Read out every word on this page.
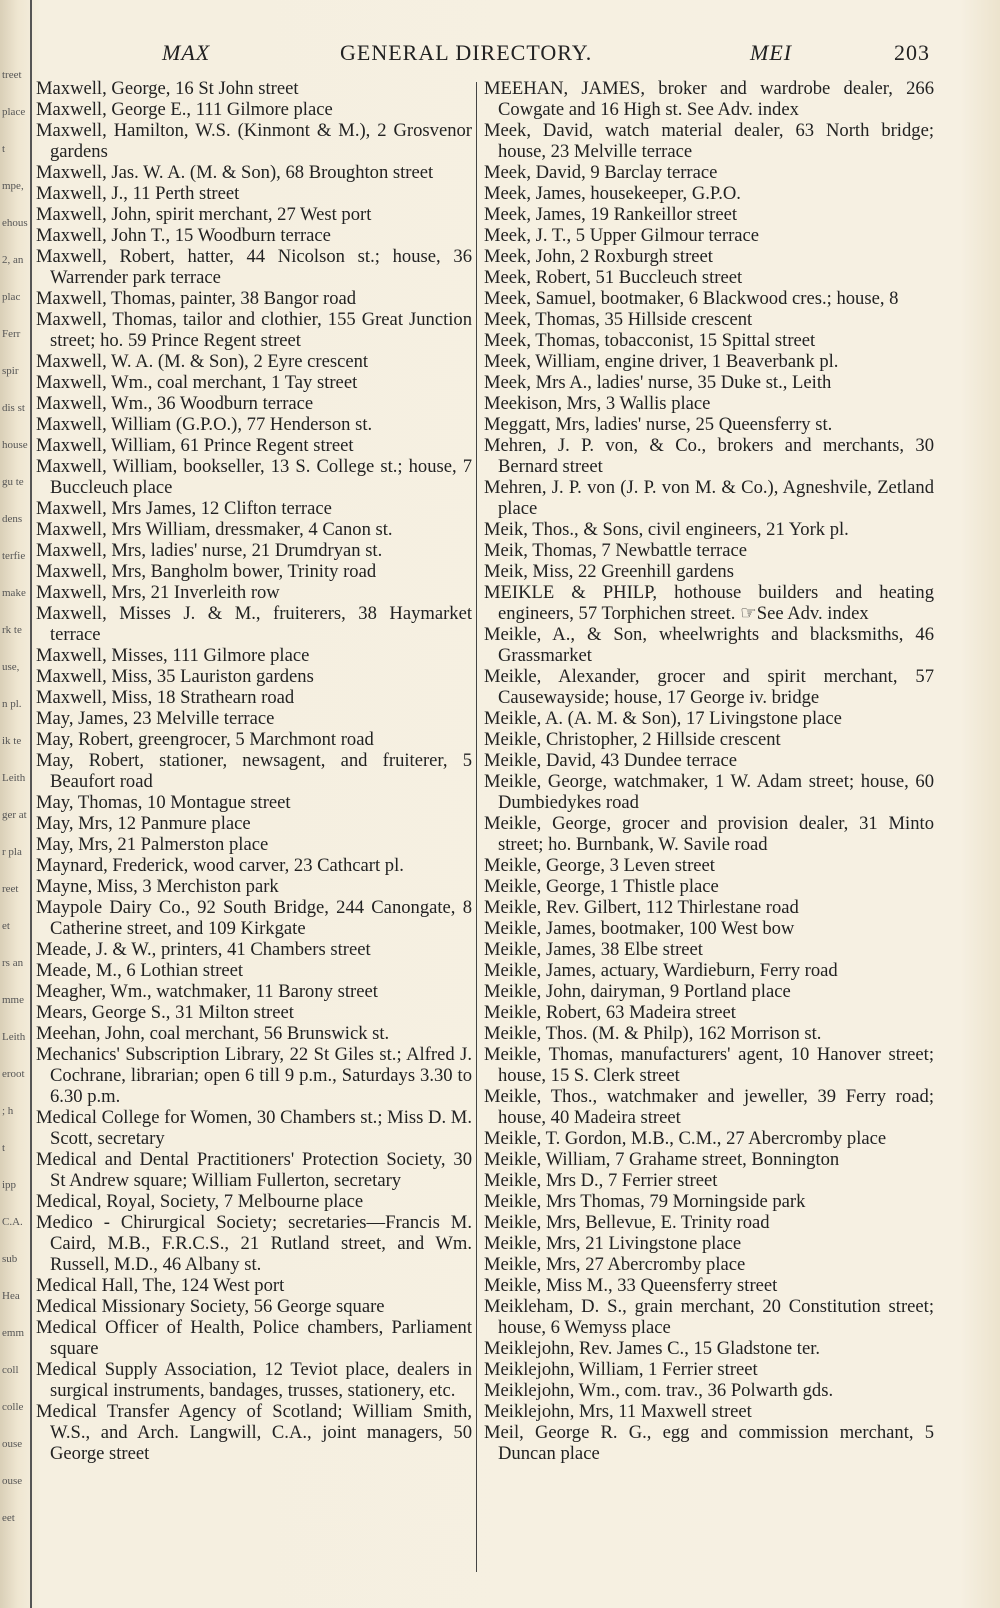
treet
place
t
mpe,
ehous
2, an
plac
Ferr
spir
dis st
house
gu te
dens
terfie
make
rk te
use,
n pl.
ik te
Leith
ger at
r pla
reet
et
rs an
mme
Leith
eroot
; h
t
ipp
C.A.
sub
Hea
emm
coll
colle
ouse
ouse
eet
MAX	GENERAL DIRECTORY.	MEI	203

Maxwell, George, 16 St John street

Maxwell, George E., 111 Gilmore place

Maxwell, Hamilton, W.S. (Kinmont & M.), 2 Grosvenor gardens

Maxwell, Jas. W. A. (M. & Son), 68 Broughton street

Maxwell, J., 11 Perth street

Maxwell, John, spirit merchant, 27 West port

Maxwell, John T., 15 Woodburn terrace

Maxwell, Robert, hatter, 44 Nicolson st.; house, 36 Warrender park terrace

Maxwell, Thomas, painter, 38 Bangor road

Maxwell, Thomas, tailor and clothier, 155 Great Junction street; ho. 59 Prince Regent street

Maxwell, W. A. (M. & Son), 2 Eyre crescent

Maxwell, Wm., coal merchant, 1 Tay street

Maxwell, Wm., 36 Woodburn terrace

Maxwell, William (G.P.O.), 77 Henderson st.

Maxwell, William, 61 Prince Regent street

Maxwell, William, bookseller, 13 S. College st.; house, 7 Buccleuch place

Maxwell, Mrs James, 12 Clifton terrace

Maxwell, Mrs William, dressmaker, 4 Canon st.

Maxwell, Mrs, ladies' nurse, 21 Drumdryan st.

Maxwell, Mrs, Bangholm bower, Trinity road

Maxwell, Mrs, 21 Inverleith row

Maxwell, Misses J. & M., fruiterers, 38 Haymarket terrace

Maxwell, Misses, 111 Gilmore place

Maxwell, Miss, 35 Lauriston gardens

Maxwell, Miss, 18 Strathearn road

May, James, 23 Melville terrace

May, Robert, greengrocer, 5 Marchmont road

May, Robert, stationer, newsagent, and fruiterer, 5 Beaufort road

May, Thomas, 10 Montague street

May, Mrs, 12 Panmure place

May, Mrs, 21 Palmerston place

Maynard, Frederick, wood carver, 23 Cathcart pl.

Mayne, Miss, 3 Merchiston park

Maypole Dairy Co., 92 South Bridge, 244 Canongate, 8 Catherine street, and 109 Kirkgate

Meade, J. & W., printers, 41 Chambers street

Meade, M., 6 Lothian street

Meagher, Wm., watchmaker, 11 Barony street

Mears, George S., 31 Milton street

Meehan, John, coal merchant, 56 Brunswick st.

Mechanics' Subscription Library, 22 St Giles st.; Alfred J. Cochrane, librarian; open 6 till 9 p.m., Saturdays 3.30 to 6.30 p.m.

Medical College for Women, 30 Chambers st.; Miss D. M. Scott, secretary

Medical and Dental Practitioners' Protection Society, 30 St Andrew square; William Fullerton, secretary

Medical, Royal, Society, 7 Melbourne place

Medico - Chirurgical Society; secretaries—Francis M. Caird, M.B., F.R.C.S., 21 Rutland street, and Wm. Russell, M.D., 46 Albany st.

Medical Hall, The, 124 West port

Medical Missionary Society, 56 George square

Medical Officer of Health, Police chambers, Parliament square

Medical Supply Association, 12 Teviot place, dealers in surgical instruments, bandages, trusses, stationery, etc.

Medical Transfer Agency of Scotland; William Smith, W.S., and Arch. Langwill, C.A., joint managers, 50 George street

MEEHAN, JAMES, broker and wardrobe dealer, 266 Cowgate and 16 High st. See Adv. index

Meek, David, watch material dealer, 63 North bridge; house, 23 Melville terrace

Meek, David, 9 Barclay terrace

Meek, James, housekeeper, G.P.O.

Meek, James, 19 Rankeillor street

Meek, J. T., 5 Upper Gilmour terrace

Meek, John, 2 Roxburgh street

Meek, Robert, 51 Buccleuch street

Meek, Samuel, bootmaker, 6 Blackwood cres.; house, 8

Meek, Thomas, 35 Hillside crescent

Meek, Thomas, tobacconist, 15 Spittal street

Meek, William, engine driver, 1 Beaverbank pl.

Meek, Mrs A., ladies' nurse, 35 Duke st., Leith

Meekison, Mrs, 3 Wallis place

Meggatt, Mrs, ladies' nurse, 25 Queensferry st.

Mehren, J. P. von, & Co., brokers and merchants, 30 Bernard street

Mehren, J. P. von (J. P. von M. & Co.), Agneshvile, Zetland place

Meik, Thos., & Sons, civil engineers, 21 York pl.

Meik, Thomas, 7 Newbattle terrace

Meik, Miss, 22 Greenhill gardens

MEIKLE & PHILP, hothouse builders and heating engineers, 57 Torphichen street. ☞See Adv. index

Meikle, A., & Son, wheelwrights and blacksmiths, 46 Grassmarket

Meikle, Alexander, grocer and spirit merchant, 57 Causewayside; house, 17 George iv. bridge

Meikle, A. (A. M. & Son), 17 Livingstone place

Meikle, Christopher, 2 Hillside crescent

Meikle, David, 43 Dundee terrace

Meikle, George, watchmaker, 1 W. Adam street; house, 60 Dumbiedykes road

Meikle, George, grocer and provision dealer, 31 Minto street; ho. Burnbank, W. Savile road

Meikle, George, 3 Leven street

Meikle, George, 1 Thistle place

Meikle, Rev. Gilbert, 112 Thirlestane road

Meikle, James, bootmaker, 100 West bow

Meikle, James, 38 Elbe street

Meikle, James, actuary, Wardieburn, Ferry road

Meikle, John, dairyman, 9 Portland place

Meikle, Robert, 63 Madeira street

Meikle, Thos. (M. & Philp), 162 Morrison st.

Meikle, Thomas, manufacturers' agent, 10 Hanover street; house, 15 S. Clerk street

Meikle, Thos., watchmaker and jeweller, 39 Ferry road; house, 40 Madeira street

Meikle, T. Gordon, M.B., C.M., 27 Abercromby place

Meikle, William, 7 Grahame street, Bonnington

Meikle, Mrs D., 7 Ferrier street

Meikle, Mrs Thomas, 79 Morningside park

Meikle, Mrs, Bellevue, E. Trinity road

Meikle, Mrs, 21 Livingstone place

Meikle, Mrs, 27 Abercromby place

Meikle, Miss M., 33 Queensferry street

Meikleham, D. S., grain merchant, 20 Constitution street; house, 6 Wemyss place

Meiklejohn, Rev. James C., 15 Gladstone ter.

Meiklejohn, William, 1 Ferrier street

Meiklejohn, Wm., com. trav., 36 Polwarth gds.

Meiklejohn, Mrs, 11 Maxwell street

Meil, George R. G., egg and commission merchant, 5 Duncan place
